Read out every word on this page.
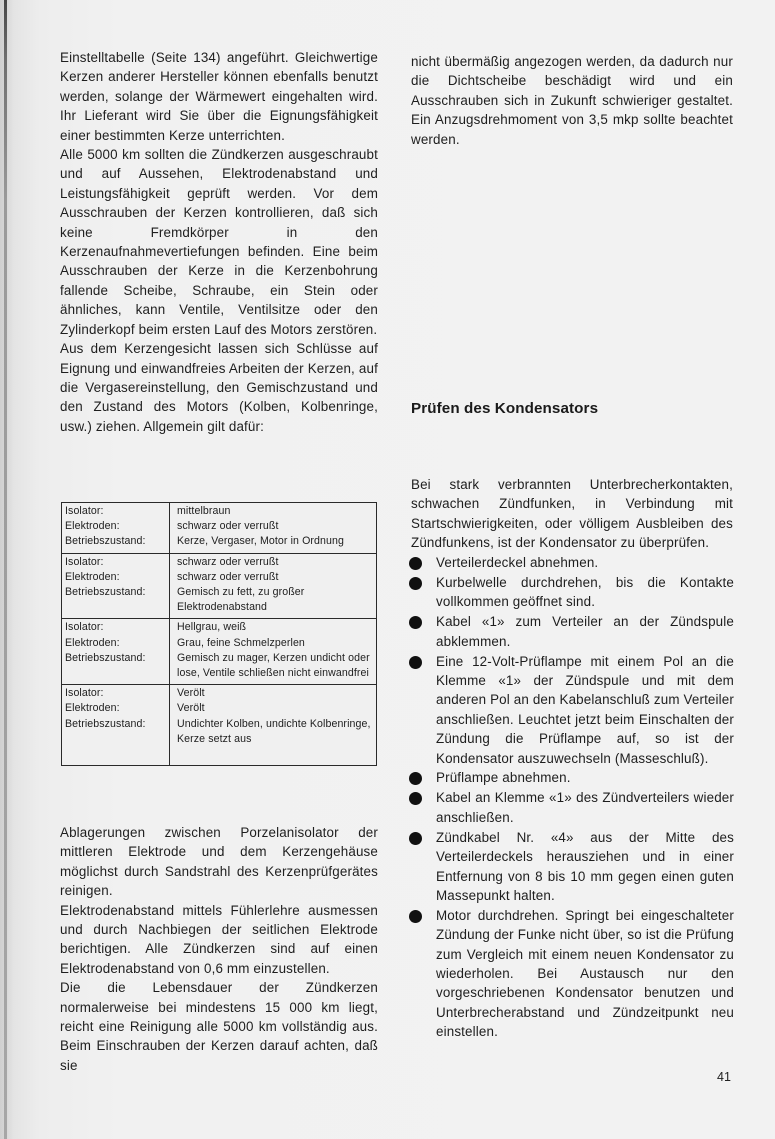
Einstelltabelle (Seite 134) angeführt. Gleichwertige Kerzen anderer Hersteller können ebenfalls benutzt werden, solange der Wärmewert eingehalten wird. Ihr Lieferant wird Sie über die Eignungsfähigkeit einer bestimmten Kerze unterrichten.

Alle 5000 km sollten die Zündkerzen ausgeschraubt und auf Aussehen, Elektrodenabstand und Leistungsfähigkeit geprüft werden. Vor dem Ausschrauben der Kerzen kontrollieren, daß sich keine Fremdkörper in den Kerzenaufnahmevertiefungen befinden. Eine beim Ausschrauben der Kerze in die Kerzenbohrung fallende Scheibe, Schraube, ein Stein oder ähnliches, kann Ventile, Ventilsitze oder den Zylinderkopf beim ersten Lauf des Motors zerstören.

Aus dem Kerzengesicht lassen sich Schlüsse auf Eignung und einwandfreies Arbeiten der Kerzen, auf die Vergasereinstellung, den Gemischzustand und den Zustand des Motors (Kolben, Kolbenringe, usw.) ziehen. Allgemein gilt dafür:

Isolator:
Elektroden:
Betriebszustand:
mittelbraun
schwarz oder verrußt
Kerze, Vergaser, Motor in Ordnung
Isolator:
Elektroden:
Betriebszustand:
schwarz oder verrußt
schwarz oder verrußt
Gemisch zu fett, zu großer Elektrodenabstand
Isolator:
Elektroden:
Betriebszustand:
Hellgrau, weiß
Grau, feine Schmelzperlen
Gemisch zu mager, Kerzen undicht oder lose, Ventile schließen nicht einwandfrei
Isolator:
Elektroden:
Betriebszustand:
Verölt
Verölt
Undichter Kolben, undichte Kolbenringe, Kerze setzt aus

Ablagerungen zwischen Porzelanisolator der mittleren Elektrode und dem Kerzengehäuse möglichst durch Sandstrahl des Kerzenprüfgerätes reinigen.

Elektrodenabstand mittels Fühlerlehre ausmessen und durch Nachbiegen der seitlichen Elektrode berichtigen. Alle Zündkerzen sind auf einen Elektrodenabstand von 0,6 mm einzustellen.

Die die Lebensdauer der Zündkerzen normalerweise bei mindestens 15 000 km liegt, reicht eine Reinigung alle 5000 km vollständig aus. Beim Einschrauben der Kerzen darauf achten, daß sie

nicht übermäßig angezogen werden, da dadurch nur die Dichtscheibe beschädigt wird und ein Ausschrauben sich in Zukunft schwieriger gestaltet. Ein Anzugsdrehmoment von 3,5 mkp sollte beachtet werden.

Prüfen des Kondensators

Bei stark verbrannten Unterbrecherkontakten, schwachen Zündfunken, in Verbindung mit Startschwierigkeiten, oder völligem Ausbleiben des Zündfunkens, ist der Kondensator zu überprüfen.

Verteilerdeckel abnehmen.
Kurbelwelle durchdrehen, bis die Kontakte vollkommen geöffnet sind.
Kabel «1» zum Verteiler an der Zündspule abklemmen.
Eine 12-Volt-Prüflampe mit einem Pol an die Klemme «1» der Zündspule und mit dem anderen Pol an den Kabelanschluß zum Verteiler anschließen. Leuchtet jetzt beim Einschalten der Zündung die Prüflampe auf, so ist der Kondensator auszuwechseln (Masseschluß).
Prüflampe abnehmen.
Kabel an Klemme «1» des Zündverteilers wieder anschließen.
Zündkabel Nr. «4» aus der Mitte des Verteilerdeckels herausziehen und in einer Entfernung von 8 bis 10 mm gegen einen guten Massepunkt halten.
Motor durchdrehen. Springt bei eingeschalteter Zündung der Funke nicht über, so ist die Prüfung zum Vergleich mit einem neuen Kondensator zu wiederholen. Bei Austausch nur den vorgeschriebenen Kondensator benutzen und Unterbrecherabstand und Zündzeitpunkt neu einstellen.
41
